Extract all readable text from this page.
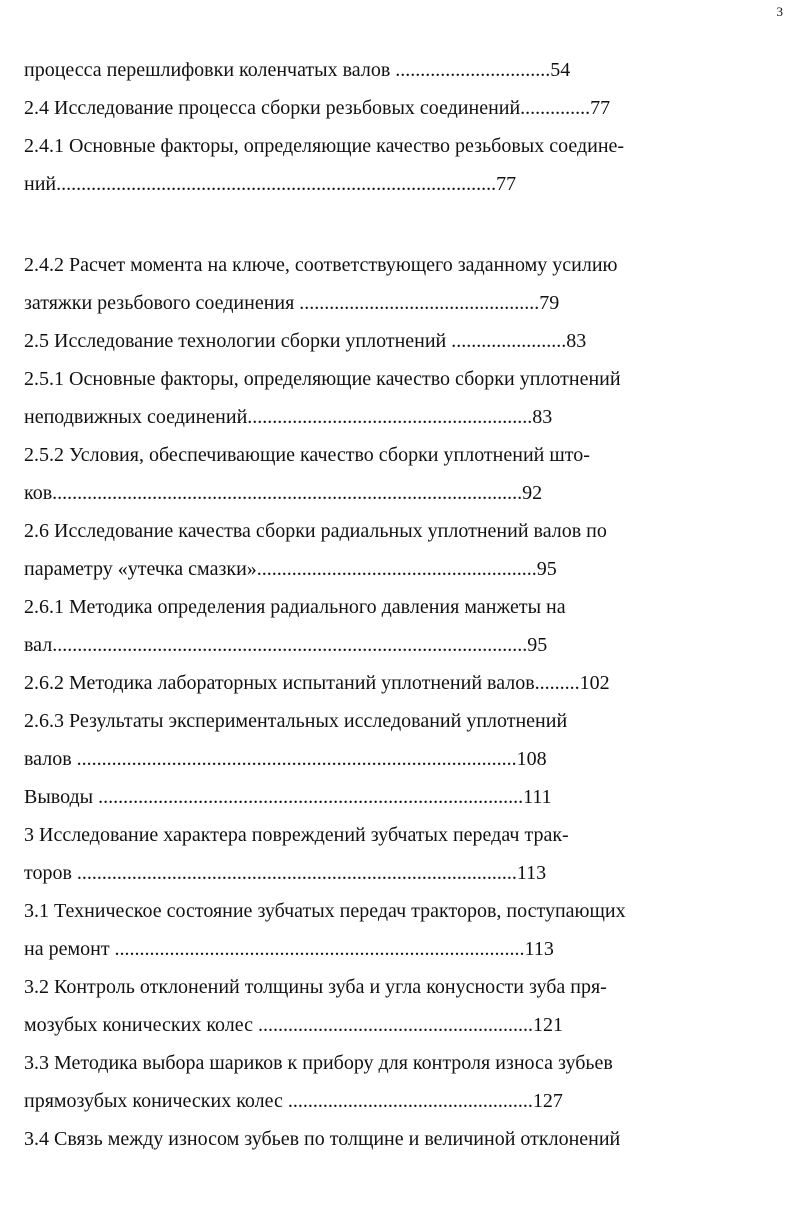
3
процесса перешлифовки коленчатых валов ...............................54
2.4 Исследование процесса сборки резьбовых соединений..............77
2.4.1 Основные факторы, определяющие качество резьбовых соедине-
ний........................................................................................77
2.4.2 Расчет момента на ключе, соответствующего заданному усилию
затяжки резьбового соединения ................................................79
2.5 Исследование технологии сборки уплотнений .......................83
2.5.1 Основные факторы, определяющие качество сборки уплотнений
неподвижных соединений.........................................................83
2.5.2 Условия, обеспечивающие качество сборки уплотнений што-
ков..............................................................................................92
2.6 Исследование качества сборки радиальных уплотнений валов по
параметру «утечка смазки»........................................................95
2.6.1 Методика определения радиального давления манжеты на
вал...............................................................................................95
2.6.2 Методика лабораторных испытаний уплотнений валов.........102
2.6.3 Результаты экспериментальных исследований уплотнений
валов ........................................................................................108
Выводы .....................................................................................111
3 Исследование характера повреждений зубчатых передач трак-
торов ........................................................................................113
3.1 Техническое состояние зубчатых передач тракторов, поступающих
на ремонт ..................................................................................113
3.2 Контроль отклонений толщины зуба и угла конусности зуба пря-
мозубых конических колес .......................................................121
3.3 Методика выбора шариков к прибору для контроля износа зубьев
прямозубых конических колес .................................................127
3.4 Связь между износом зубьев по толщине и величиной отклонений
